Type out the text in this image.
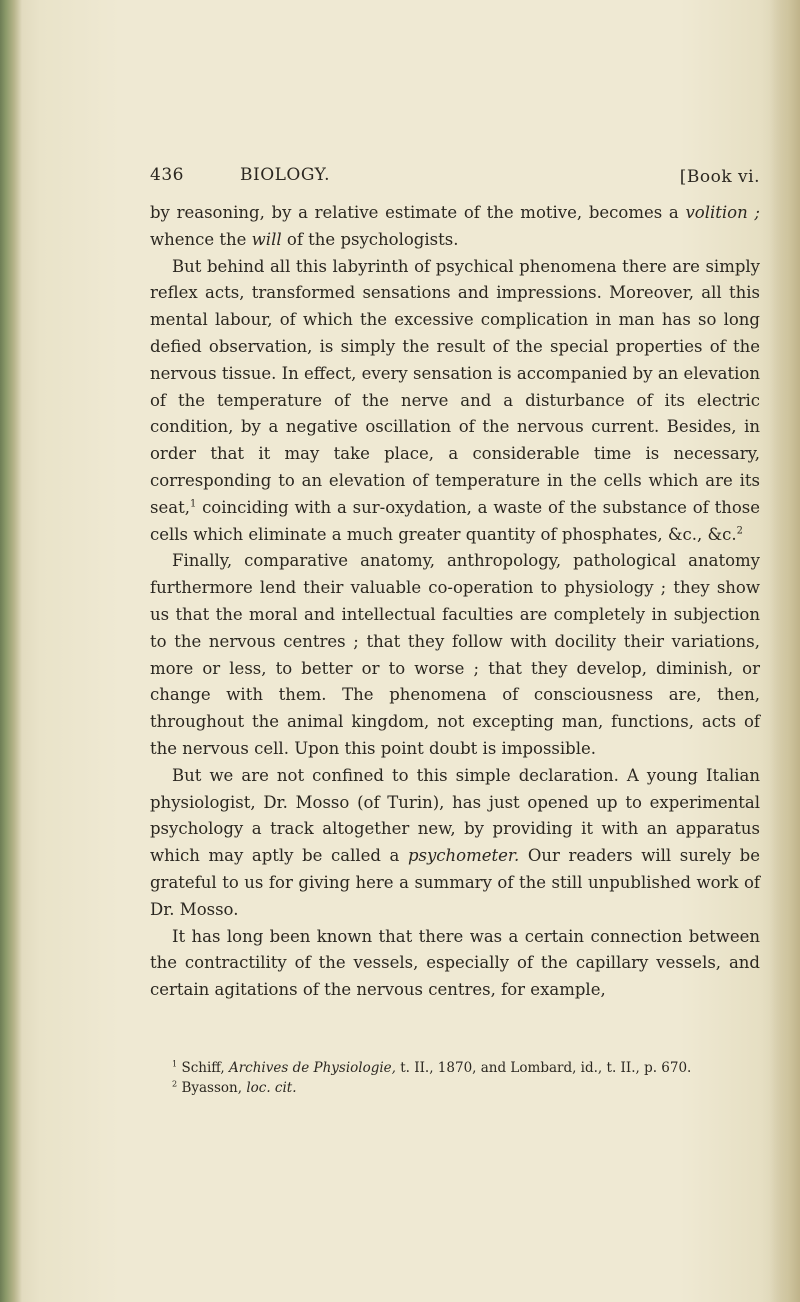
436	BIOLOGY.	[Book vi.

by reasoning, by a relative estimate of the motive, becomes a volition ; whence the will of the psychologists.

But behind all this labyrinth of psychical phenomena there are simply reflex acts, transformed sensations and impressions. Moreover, all this mental labour, of which the excessive complication in man has so long defied observation, is simply the result of the special properties of the nervous tissue. In effect, every sensation is accompanied by an elevation of the temperature of the nerve and a disturbance of its electric condition, by a negative oscillation of the nervous current. Besides, in order that it may take place, a considerable time is necessary, corresponding to an elevation of temperature in the cells which are its seat,$^1$ coinciding with a sur-oxydation, a waste of the substance of those cells which eliminate a much greater quantity of phosphates, &c., &c.$^2$

Finally, comparative anatomy, anthropology, pathological anatomy furthermore lend their valuable co-operation to physiology ; they show us that the moral and intellectual faculties are completely in subjection to the nervous centres ; that they follow with docility their variations, more or less, to better or to worse ; that they develop, diminish, or change with them. The phenomena of consciousness are, then, throughout the animal kingdom, not excepting man, functions, acts of the nervous cell. Upon this point doubt is impossible.

But we are not confined to this simple declaration. A young Italian physiologist, Dr. Mosso (of Turin), has just opened up to experimental psychology a track altogether new, by providing it with an apparatus which may aptly be called a psychometer. Our readers will surely be grateful to us for giving here a summary of the still unpublished work of Dr. Mosso.

It has long been known that there was a certain connection between the contractility of the vessels, especially of the capillary vessels, and certain agitations of the nervous centres, for example,

$^1$ Schiff, Archives de Physiologie, t. II., 1870, and Lombard, id., t. II., p. 670.

$^2$ Byasson, loc. cit.
